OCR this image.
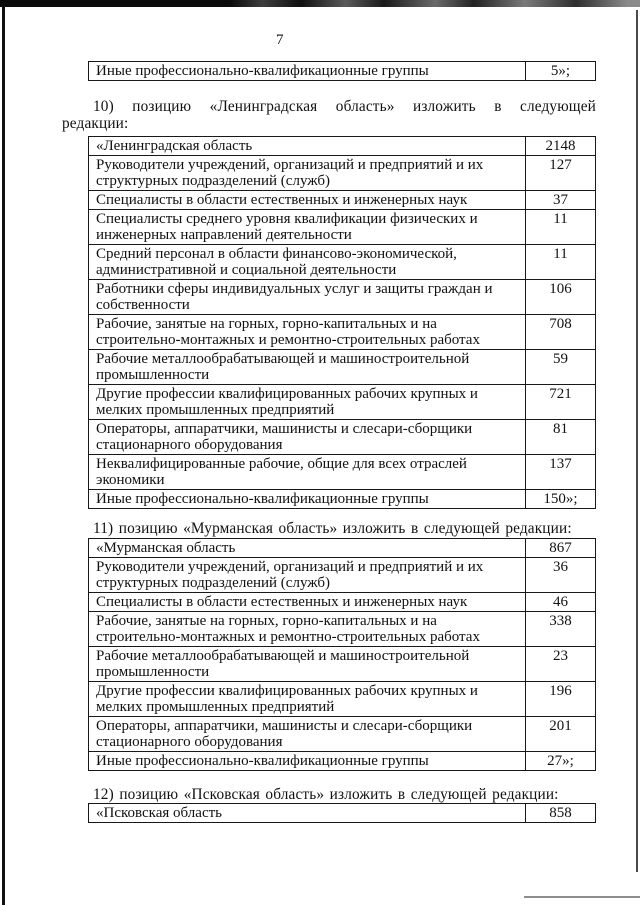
7
Иные профессионально-квалификационные группы	5»;
10) позицию «Ленинградская область» изложить в следующей
редакции:
«Ленинградская область	2148
Руководители учреждений, организаций и предприятий и их структурных подразделений (служб)	127
Специалисты в области естественных и инженерных наук	37
Специалисты среднего уровня квалификации физических и инженерных направлений деятельности	11
Средний персонал в области финансово-экономической, административной и социальной деятельности	11
Работники сферы индивидуальных услуг и защиты граждан и собственности	106
Рабочие, занятые на горных, горно-капитальных и на строительно-монтажных и ремонтно-строительных работах	708
Рабочие металлообрабатывающей и машиностроительной промышленности	59
Другие профессии квалифицированных рабочих крупных и мелких промышленных предприятий	721
Операторы, аппаратчики, машинисты и слесари-сборщики стационарного оборудования	81
Неквалифицированные рабочие, общие для всех отраслей экономики	137
Иные профессионально-квалификационные группы	150»;
11) позицию «Мурманская область» изложить в следующей редакции:
«Мурманская область	867
Руководители учреждений, организаций и предприятий и их структурных подразделений (служб)	36
Специалисты в области естественных и инженерных наук	46
Рабочие, занятые на горных, горно-капитальных и на строительно-монтажных и ремонтно-строительных работах	338
Рабочие металлообрабатывающей и машиностроительной промышленности	23
Другие профессии квалифицированных рабочих крупных и мелких промышленных предприятий	196
Операторы, аппаратчики, машинисты и слесари-сборщики стационарного оборудования	201
Иные профессионально-квалификационные группы	27»;
12) позицию «Псковская область» изложить в следующей редакции:
«Псковская область	858
